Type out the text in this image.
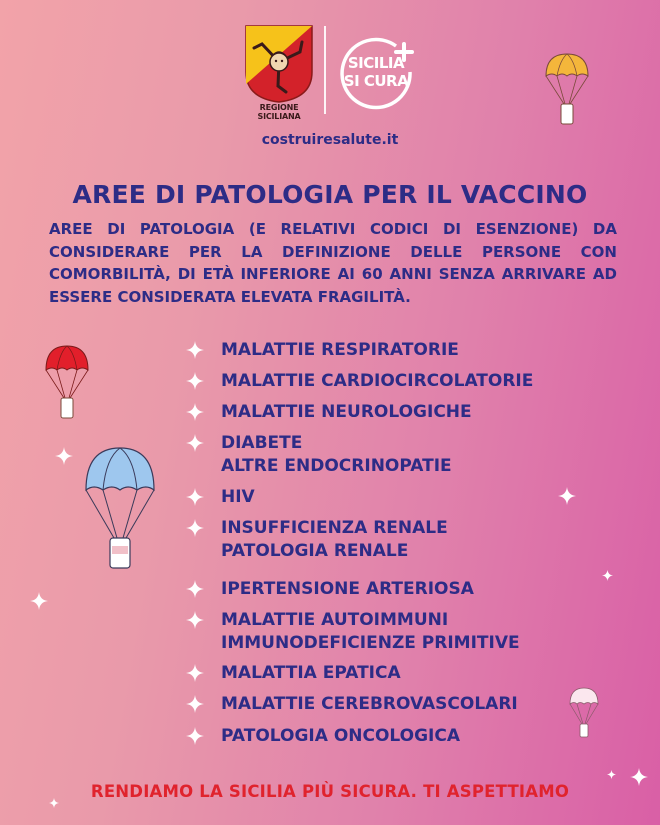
REGIONE SICILIANA
SICILIA
SI CURA
costruiresalute.it
AREE DI PATOLOGIA PER IL VACCINO
AREE DI PATOLOGIA (E RELATIVI CODICI DI ESENZIONE) DA CONSIDERARE PER LA DEFINIZIONE DELLE PERSONE CON COMORBILITÀ, DI ETÀ INFERIORE AI 60 ANNI SENZA ARRIVARE AD ESSERE CONSIDERATA ELEVATA FRAGILITÀ.
MALATTIE RESPIRATORIE
MALATTIE CARDIOCIRCOLATORIE
MALATTIE NEUROLOGICHE
DIABETE
ALTRE ENDOCRINOPATIE
HIV
INSUFFICIENZA RENALE
PATOLOGIA RENALE
IPERTENSIONE ARTERIOSA
MALATTIE AUTOIMMUNI
IMMUNODEFICIENZE PRIMITIVE
MALATTIA EPATICA
MALATTIE CEREBROVASCOLARI
PATOLOGIA ONCOLOGICA
RENDIAMO LA SICILIA PIÙ SICURA. TI ASPETTIAMO
